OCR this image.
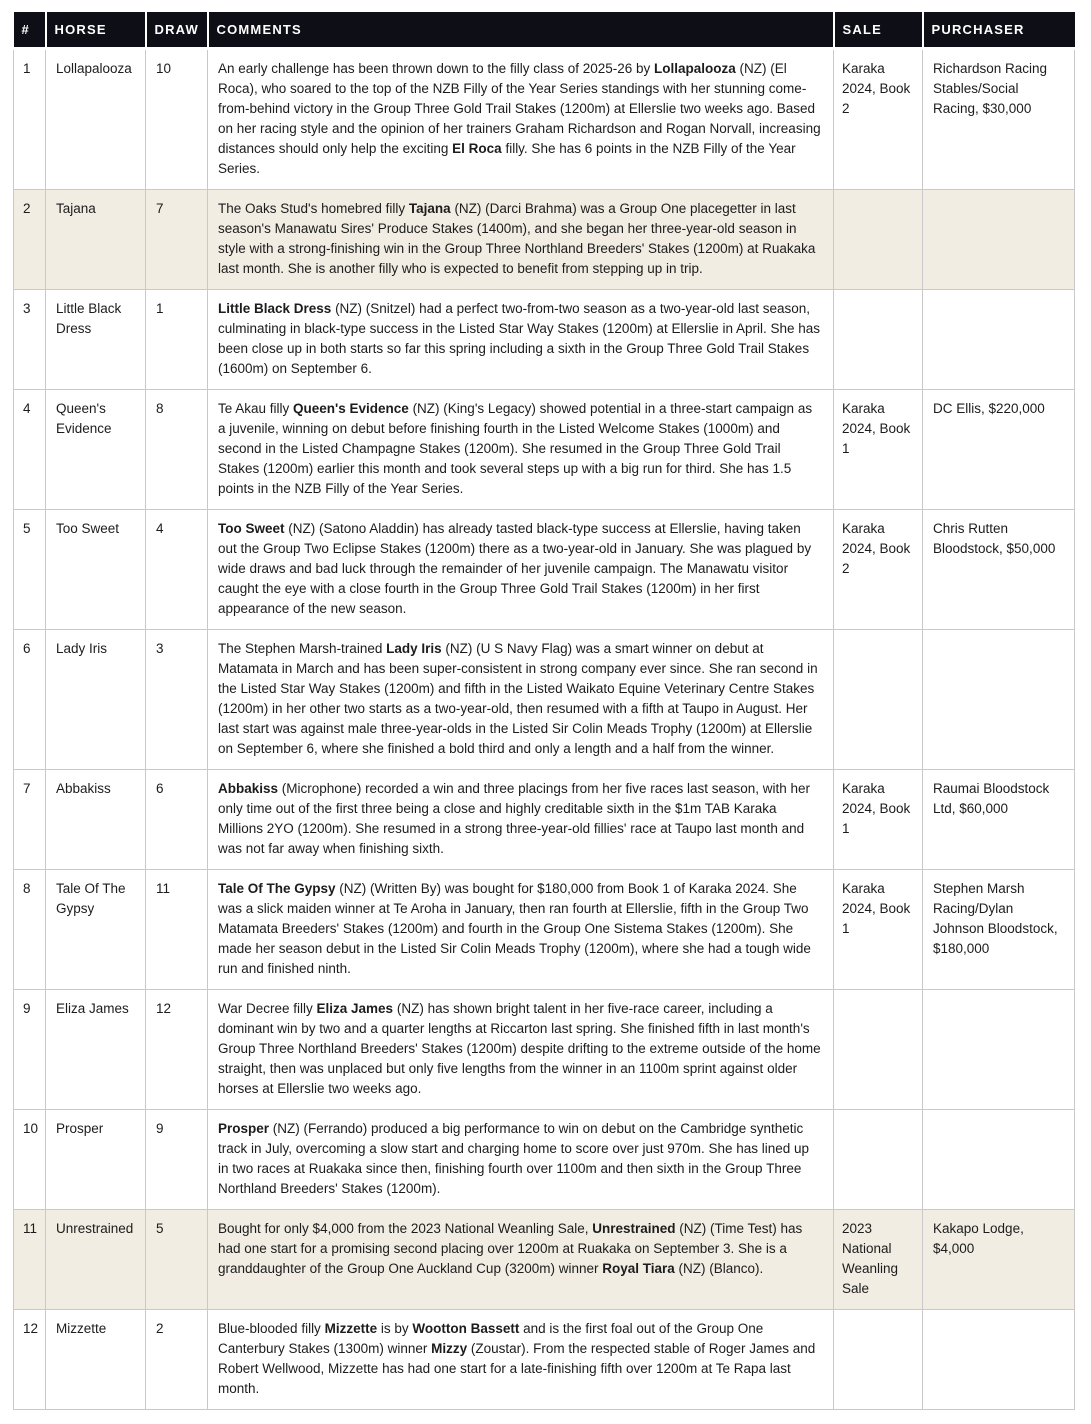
#	HORSE	DRAW	COMMENTS	SALE	PURCHASER
1	Lollapalooza	10	An early challenge has been thrown down to the filly class of 2025-26 by Lollapalooza (NZ) (El Roca), who soared to the top of the NZB Filly of the Year Series standings with her stunning come-from-behind victory in the Group Three Gold Trail Stakes (1200m) at Ellerslie two weeks ago. Based on her racing style and the opinion of her trainers Graham Richardson and Rogan Norvall, increasing distances should only help the exciting El Roca filly. She has 6 points in the NZB Filly of the Year Series.	Karaka 2024, Book 2	Richardson Racing Stables/Social Racing, $30,000
2	Tajana	7	The Oaks Stud's homebred filly Tajana (NZ) (Darci Brahma) was a Group One placegetter in last season's Manawatu Sires' Produce Stakes (1400m), and she began her three-year-old season in style with a strong-finishing win in the Group Three Northland Breeders' Stakes (1200m) at Ruakaka last month. She is another filly who is expected to benefit from stepping up in trip.		
3	Little Black Dress	1	Little Black Dress (NZ) (Snitzel) had a perfect two-from-two season as a two-year-old last season, culminating in black-type success in the Listed Star Way Stakes (1200m) at Ellerslie in April. She has been close up in both starts so far this spring including a sixth in the Group Three Gold Trail Stakes (1600m) on September 6.		
4	Queen's Evidence	8	Te Akau filly Queen's Evidence (NZ) (King's Legacy) showed potential in a three-start campaign as a juvenile, winning on debut before finishing fourth in the Listed Welcome Stakes (1000m) and second in the Listed Champagne Stakes (1200m). She resumed in the Group Three Gold Trail Stakes (1200m) earlier this month and took several steps up with a big run for third. She has 1.5 points in the NZB Filly of the Year Series.	Karaka 2024, Book 1	DC Ellis, $220,000
5	Too Sweet	4	Too Sweet (NZ) (Satono Aladdin) has already tasted black-type success at Ellerslie, having taken out the Group Two Eclipse Stakes (1200m) there as a two-year-old in January. She was plagued by wide draws and bad luck through the remainder of her juvenile campaign. The Manawatu visitor caught the eye with a close fourth in the Group Three Gold Trail Stakes (1200m) in her first appearance of the new season.	Karaka 2024, Book 2	Chris Rutten Bloodstock, $50,000
6	Lady Iris	3	The Stephen Marsh-trained Lady Iris (NZ) (U S Navy Flag) was a smart winner on debut at Matamata in March and has been super-consistent in strong company ever since. She ran second in the Listed Star Way Stakes (1200m) and fifth in the Listed Waikato Equine Veterinary Centre Stakes (1200m) in her other two starts as a two-year-old, then resumed with a fifth at Taupo in August. Her last start was against male three-year-olds in the Listed Sir Colin Meads Trophy (1200m) at Ellerslie on September 6, where she finished a bold third and only a length and a half from the winner.		
7	Abbakiss	6	Abbakiss (Microphone) recorded a win and three placings from her five races last season, with her only time out of the first three being a close and highly creditable sixth in the $1m TAB Karaka Millions 2YO (1200m). She resumed in a strong three-year-old fillies' race at Taupo last month and was not far away when finishing sixth.	Karaka 2024, Book 1	Raumai Bloodstock Ltd, $60,000
8	Tale Of The Gypsy	11	Tale Of The Gypsy (NZ) (Written By) was bought for $180,000 from Book 1 of Karaka 2024. She was a slick maiden winner at Te Aroha in January, then ran fourth at Ellerslie, fifth in the Group Two Matamata Breeders' Stakes (1200m) and fourth in the Group One Sistema Stakes (1200m). She made her season debut in the Listed Sir Colin Meads Trophy (1200m), where she had a tough wide run and finished ninth.	Karaka 2024, Book 1	Stephen Marsh Racing/Dylan Johnson Bloodstock, $180,000
9	Eliza James	12	War Decree filly Eliza James (NZ) has shown bright talent in her five-race career, including a dominant win by two and a quarter lengths at Riccarton last spring. She finished fifth in last month's Group Three Northland Breeders' Stakes (1200m) despite drifting to the extreme outside of the home straight, then was unplaced but only five lengths from the winner in an 1100m sprint against older horses at Ellerslie two weeks ago.		
10	Prosper	9	Prosper (NZ) (Ferrando) produced a big performance to win on debut on the Cambridge synthetic track in July, overcoming a slow start and charging home to score over just 970m. She has lined up in two races at Ruakaka since then, finishing fourth over 1100m and then sixth in the Group Three Northland Breeders' Stakes (1200m).		
11	Unrestrained	5	Bought for only $4,000 from the 2023 National Weanling Sale, Unrestrained (NZ) (Time Test) has had one start for a promising second placing over 1200m at Ruakaka on September 3. She is a granddaughter of the Group One Auckland Cup (3200m) winner Royal Tiara (NZ) (Blanco).	2023 National Weanling Sale	Kakapo Lodge, $4,000
12	Mizzette	2	Blue-blooded filly Mizzette is by Wootton Bassett and is the first foal out of the Group One Canterbury Stakes (1300m) winner Mizzy (Zoustar). From the respected stable of Roger James and Robert Wellwood, Mizzette has had one start for a late-finishing fifth over 1200m at Te Rapa last month.		
